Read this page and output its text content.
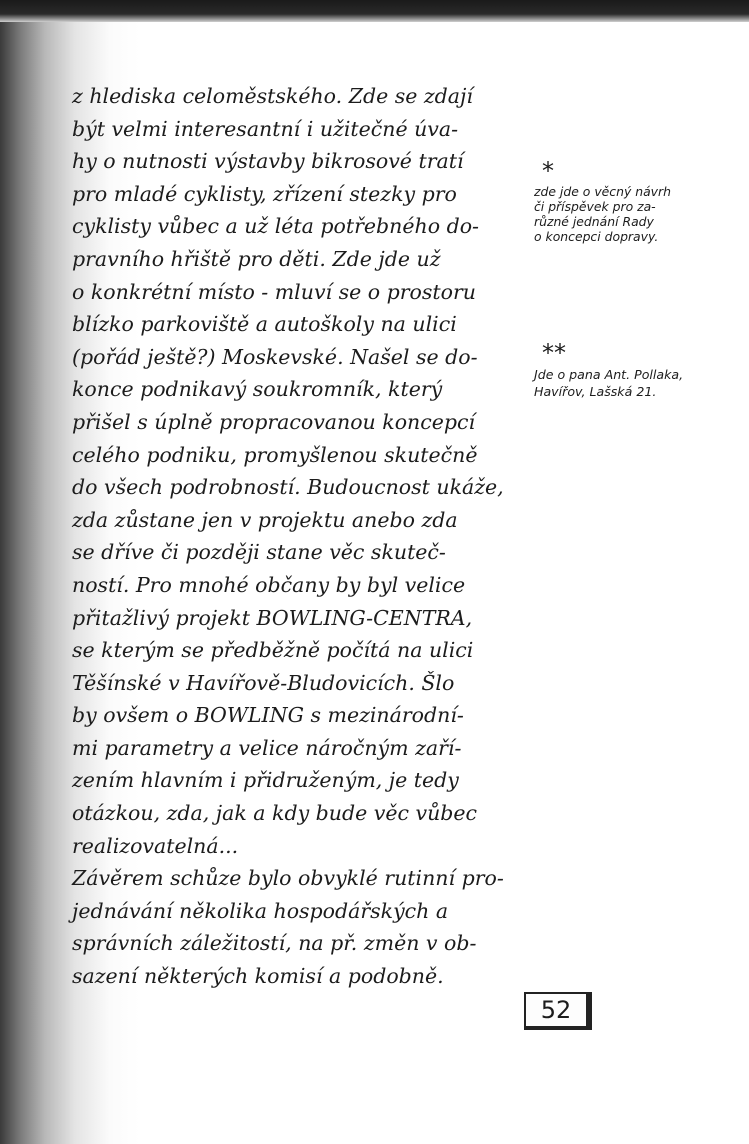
z hlediska celoměstského. Zde se zdají
být velmi interesantní i užitečné úva-
hy o nutnosti výstavby bikrosové tratí
pro mladé cyklisty, zřízení stezky pro
cyklisty vůbec a už léta potřebného do-
pravního hřiště pro děti. Zde jde už
o konkrétní místo - mluví se o prostoru
blízko parkoviště a autoškoly na ulici
(pořád ještě?) Moskevské. Našel se do-
konce podnikavý soukromník, který
přišel s úplně propracovanou koncepcí
celého podniku, promyšlenou skutečně
do všech podrobností. Budoucnost ukáže,
zda zůstane jen v projektu anebo zda
se dříve či později stane věc skuteč-
ností. Pro mnohé občany by byl velice
přitažlivý projekt BOWLING-CENTRA,
se kterým se předběžně počítá na ulici
Těšínské v Havířově-Bludovicích. Šlo
by ovšem o BOWLING s mezinárodní-
mi parametry a velice náročným zaří-
zením hlavním i přidruženým, je tedy
otázkou, zda, jak a kdy bude věc vůbec
realizovatelná...
Závěrem schůze bylo obvyklé rutinní pro-
jednávání několika hospodářských a
správních záležitostí, na př. změn v ob-
sazení některých komisí a podobně.
*
zde jde o věcný návrh
či příspěvek pro za-
různé jednání Rady
o koncepci dopravy.
**
Jde o pana Ant. Pollaka,
Havířov, Lašská 21.
52
